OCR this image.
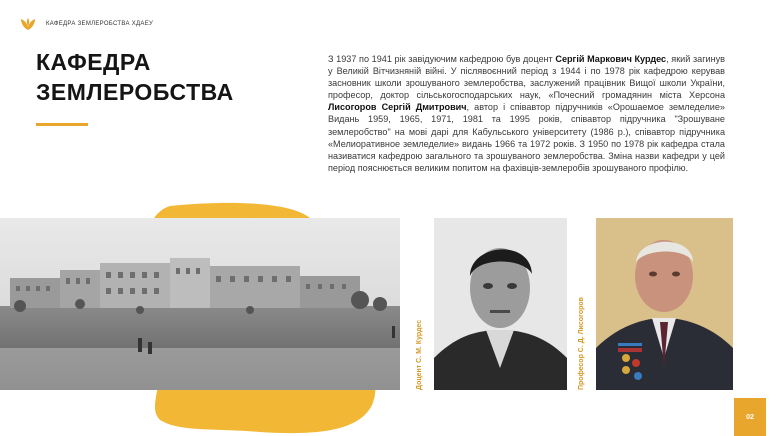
КАФЕДРА ЗЕМЛЕРОБСТВА ХДАЕУ
КАФЕДРА
ЗЕМЛЕРОБСТВА
З 1937 по 1941 рік завідуючим кафедрою був доцент Сергій Маркович Курдес, який загинув у Великій Вітчизняній війні. У післявоєнний період з 1944 і по 1978 рік кафедрою керував засновник школи зрошуваного землеробства, заслужений працівник Вищої школи України, професор, доктор сільськогосподарських наук, «Почесний громадянин міста Херсона Лисогоров Сергій Дмитрович, автор і співавтор підручників «Орошаемое земледелие» Видань 1959, 1965, 1971, 1981 та 1995 років, співавтор підручника "Зрошуване землеробство" на мові дарі для Кабульського університету (1986 р.), співавтор підручника «Мелиоративное земледелие» видань 1966 та 1972 років. З 1950 по 1978 рік кафедра стала називатися кафедрою загального та зрошуваного землеробства. Зміна назви кафедри у цей період пояснюється великим попитом на фахівців-землеробів зрошуваного профілю.
Доцент С. М. Курдес	Професор С. Д. Лисогоров
02
